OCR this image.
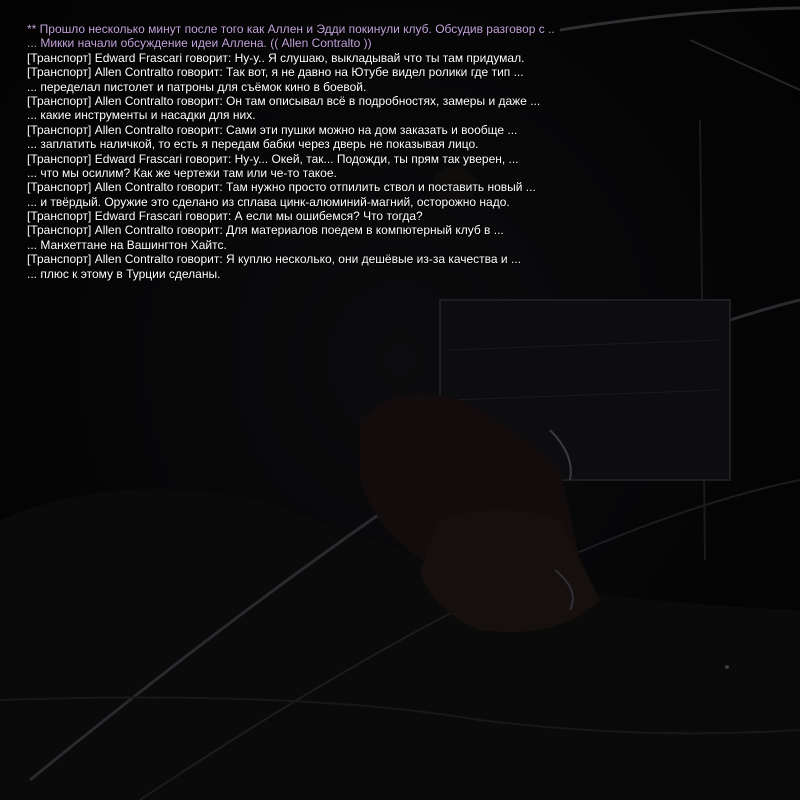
** Прошло несколько минут после того как Аллен и Эдди покинули клуб. Обсудив разговор с ..
... Микки начали обсуждение идеи Аллена. (( Allen Contralto ))
[Транспорт] Edward Frascari говорит: Ну-у.. Я слушаю, выкладывай что ты там придумал.
[Транспорт] Allen Contralto говорит: Так вот, я не давно на Ютубе видел ролики где тип ...
... переделал пистолет и патроны для съёмок кино в боевой.
[Транспорт] Allen Contralto говорит: Он там описывал всё в подробностях, замеры и даже ...
... какие инструменты и насадки для них.
[Транспорт] Allen Contralto говорит: Сами эти пушки можно на дом заказать и вообще ...
... заплатить наличкой, то есть я передам бабки через дверь не показывая лицо.
[Транспорт] Edward Frascari говорит: Ну-у... Окей, так... Подожди, ты прям так уверен, ...
... что мы осилим? Как же чертежи там или че-то такое.
[Транспорт] Allen Contralto говорит: Там нужно просто отпилить ствол и поставить новый ...
... и твёрдый. Оружие это сделано из сплава цинк-алюминий-магний, осторожно надо.
[Транспорт] Edward Frascari говорит: А если мы ошибемся? Что тогда?
[Транспорт] Allen Contralto говорит: Для материалов поедем в компютерный клуб в ...
... Манхеттане на Вашингтон Хайтс.
[Транспорт] Allen Contralto говорит: Я куплю несколько, они дешёвые из-за качества и ...
... плюс к этому в Турции сделаны.
